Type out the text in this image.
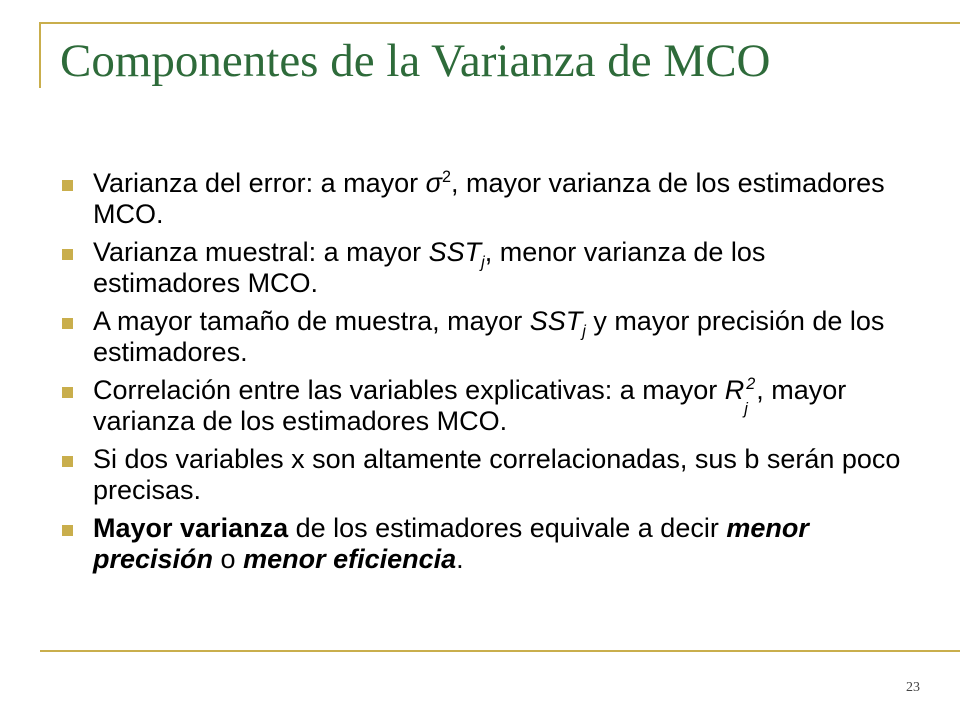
Componentes de la Varianza de MCO
Varianza del error: a mayor $\sigma^2$, mayor varianza de los estimadores MCO.
Varianza muestral: a mayor $SST_j$, menor varianza de los estimadores MCO.
A mayor tamaño de muestra, mayor $SST_j$ y mayor precisión de los estimadores.
Correlación entre las variables explicativas: a mayor R 2
j
, mayor varianza de los estimadores MCO.
Si dos variables x son altamente correlacionadas, sus b serán poco precisas.
Mayor varianza de los estimadores equivale a decir menor precisión o menor eficiencia.
23
